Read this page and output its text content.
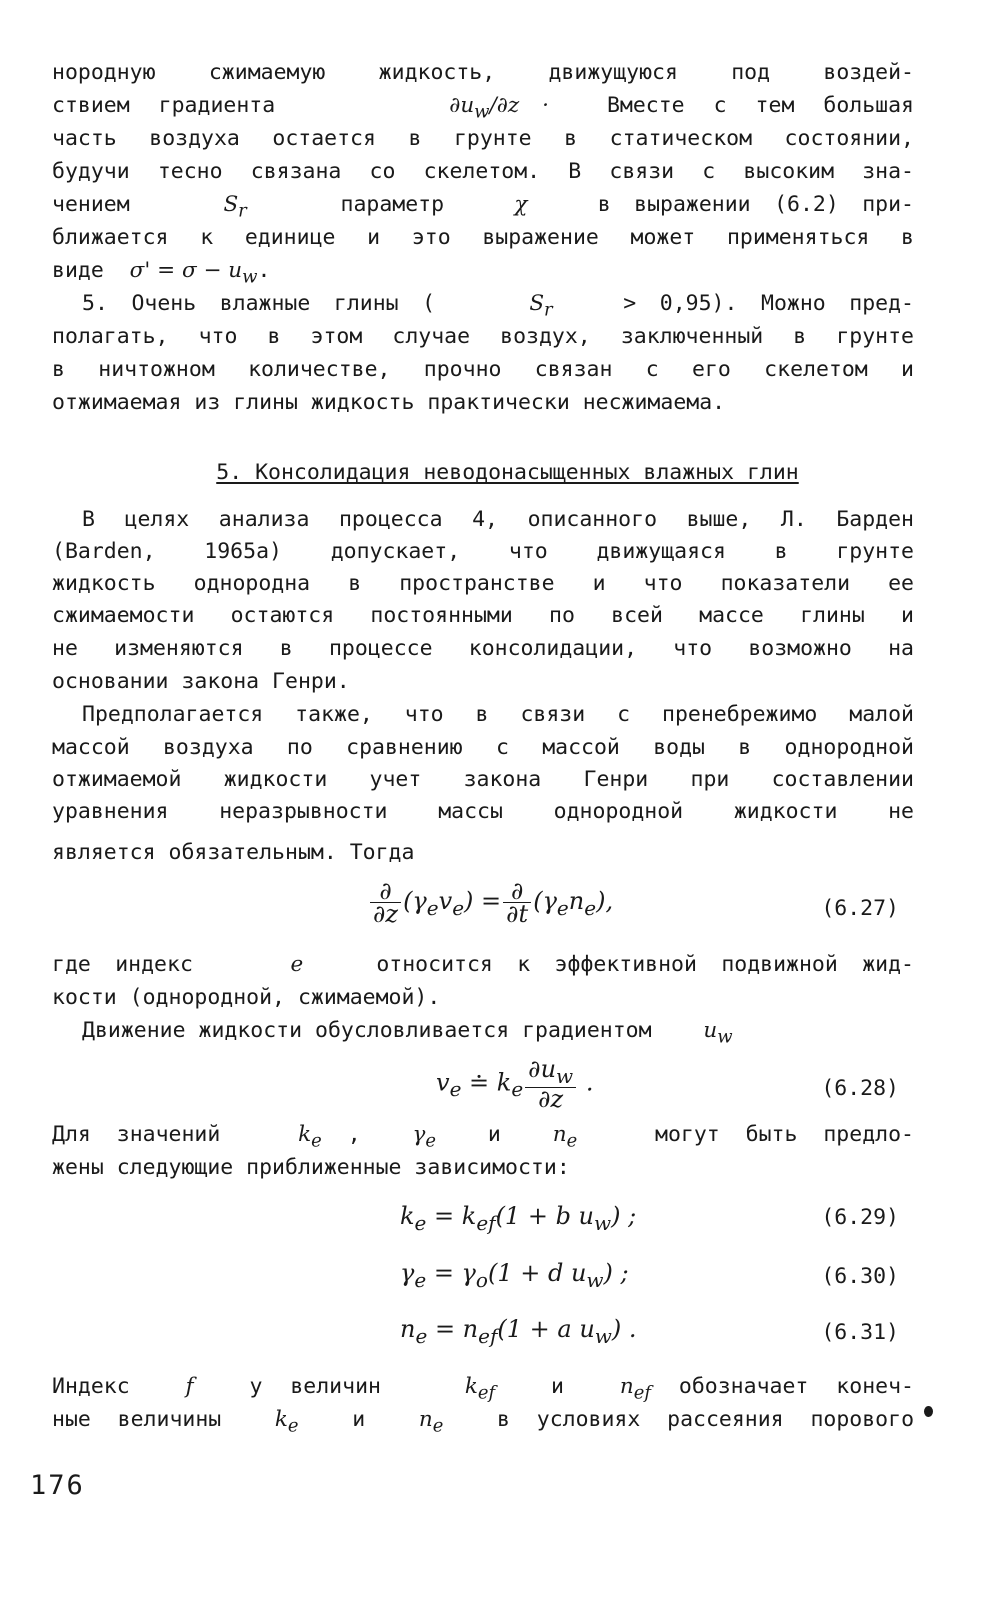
нородную сжимаемую жидкость, движущуюся под воздей-
ствием градиента	$\partial u_w/\partial z$ ·	Вместе с тем большая
часть воздуха остается в грунте в статическом состоянии,
будучи тесно связана со скелетом. В связи с высоким зна-
чением	$S_r$	параметр	χ	в выражении (6.2) при-
ближается к единице и это выражение может применяться в
виде $\sigma' = \sigma - u_w$.
5. Очень влажные глины (	$S_r$	> 0,95). Можно пред-
полагать, что в этом случае воздух, заключенный в грунте
в ничтожном количестве, прочно связан с его скелетом и
отжимаемая из глины жидкость практически несжимаема.
5. Консолидация неводонасыщенных влажных глин
В целях анализа процесса 4, описанного выше, Л. Барден
(Barden, 1965а) допускает, что движущаяся в грунте
жидкость однородна в пространстве и что показатели ее
сжимаемости остаются постоянными по всей массе глины и
не изменяются в процессе консолидации, что возможно на
основании закона Генри.
Предполагается также, что в связи с пренебрежимо малой
массой воздуха по сравнению с массой воды в однородной
отжимаемой жидкости учет закона Генри при составлении
уравнения неразрывности массы однородной жидкости не
является обязательным. Тогда
$\frac{\partial}{\partial z} (\gamma_ev_e) = \frac{\partial}{\partial t} (\gamma_en_e)$,	(6.27)
где индекс	e	относится к эффективной подвижной жид-
кости (однородной, сжимаемой).
Движение жидкости обусловливается градиентом $u_w$
$v_e$ ≐ $k_e \frac{\partial u_w}{\partial z}$ .	(6.28)
Для значений	$k_e$ , $\gamma_e$ и $n_e$	могут быть предло-
жены следующие приближенные зависимости:
$k_e = k_{ef}(1 + b$ $u_w$) ;	(6.29)
$\gamma_e = \gamma_o(1 + d$ $u_w$) ;	(6.30)
$n_e = n_{ef}(1 + a$ $u_w$) .	(6.31)
Индекс	f	у величин	$k_{ef}$	и	$n_{ef}$ обозначает конеч-
ные величины $k_e$ и $n_e$ в условиях рассеяния порового
176
